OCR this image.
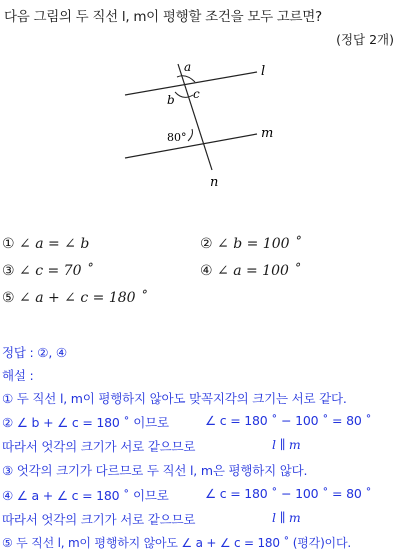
다음 그림의 두 직선 l, m이 평행할 조건을 모두 고르면?
(정답 2개)
a
b c
l
m
n
80°
① ∠ a = ∠ b	② ∠ b = 100 ˚
③ ∠ c = 70 ˚	④ ∠ a = 100 ˚
⑤ ∠ a + ∠ c = 180 ˚
정답 : ②, ④
해설 :
① 두 직선 l, m이 평행하지 않아도 맞꼭지각의 크기는 서로 같다.
② ∠ b + ∠ c = 180 ˚ 이므로	∠ c = 180 ˚ − 100 ˚ = 80 ˚
따라서 엇각의 크기가 서로 같으므로	l ∥ m
③ 엇각의 크기가 다르므로 두 직선 l, m은 평행하지 않다.
④ ∠ a + ∠ c = 180 ˚ 이므로	∠ c = 180 ˚ − 100 ˚ = 80 ˚
따라서 엇각의 크기가 서로 같으므로	l ∥ m
⑤ 두 직선 l, m이 평행하지 않아도 ∠ a + ∠ c = 180 ˚ (평각)이다.
